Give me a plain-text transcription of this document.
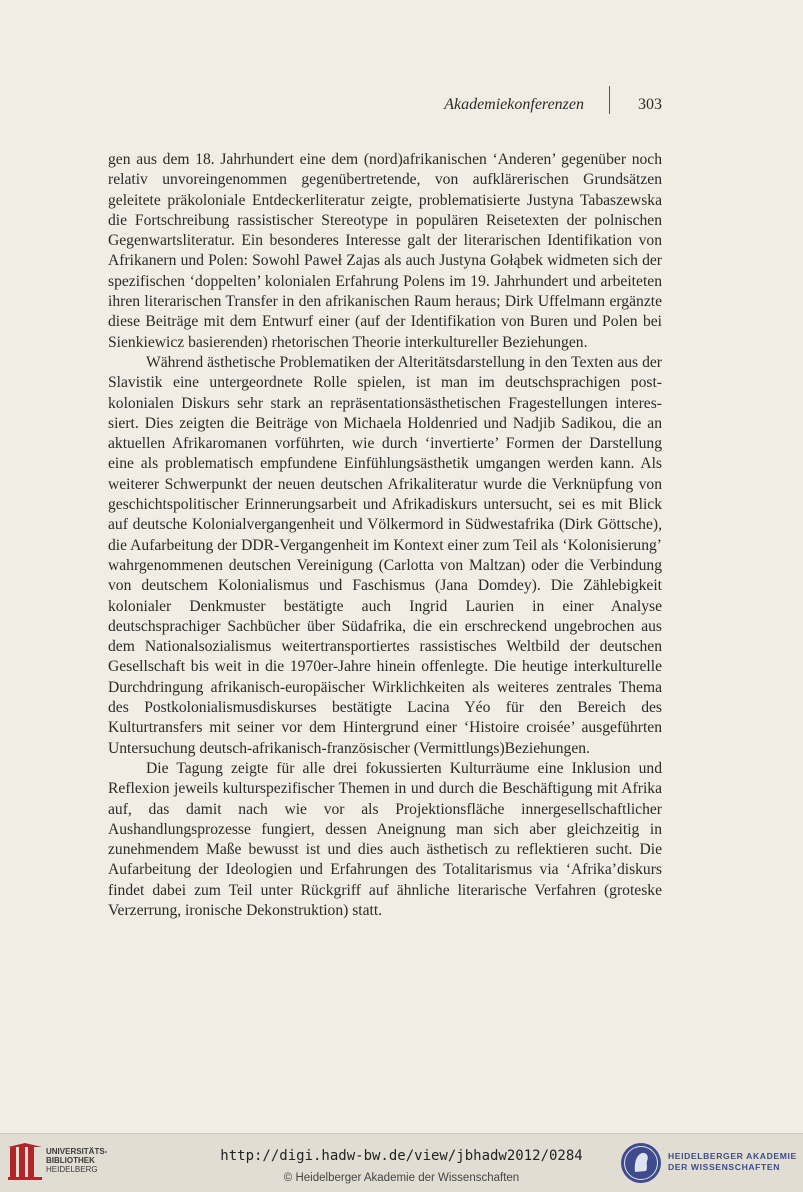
Akademiekonferenzen	303

gen aus dem 18. Jahrhundert eine dem (nord)afrikanischen ‘Anderen’ gegenüber noch relativ unvoreingenommen gegenübertretende, von aufklärerischen Grundsätzen geleitete präkoloniale Entdeckerliteratur zeigte, problematisierte Justyna Tabaszewska die Fortschreibung rassistischer Stereotype in populären Reisetexten der polnischen Gegenwartsliteratur. Ein besonderes Interesse galt der literarischen Identifikation von Afrikanern und Polen: Sowohl Paweł Zajas als auch Justyna Gołąbek widmeten sich der spezifischen ‘doppelten’ kolonialen Erfahrung Polens im 19. Jahrhundert und arbeiteten ihren literarischen Transfer in den afrikanischen Raum heraus; Dirk Uffelmann ergänzte diese Beiträge mit dem Entwurf einer (auf der Identifikation von Buren und Polen bei Sienkiewicz basierenden) rhetorischen Theorie interkultureller Beziehungen.

Während ästhetische Problematiken der Alteritätsdarstellung in den Texten aus der Slavistik eine untergeordnete Rolle spielen, ist man im deutschsprachigen postkolonialen Diskurs sehr stark an repräsentationsästhetischen Fragestellungen interessiert. Dies zeigten die Beiträge von Michaela Holdenried und Nadjib Sadikou, die an aktuellen Afrikaromanen vorführten, wie durch ‘invertierte’ Formen der Darstellung eine als problematisch empfundene Einfühlungsästhetik umgangen werden kann. Als weiterer Schwerpunkt der neuen deutschen Afrikaliteratur wurde die Verknüpfung von geschichtspolitischer Erinnerungsarbeit und Afrikadiskurs untersucht, sei es mit Blick auf deutsche Kolonialvergangenheit und Völkermord in Südwestafrika (Dirk Göttsche), die Aufarbeitung der DDR-Vergangenheit im Kontext einer zum Teil als ‘Kolonisierung’ wahrgenommenen deutschen Vereinigung (Carlotta von Maltzan) oder die Verbindung von deutschem Kolonialismus und Faschismus (Jana Domdey). Die Zählebigkeit kolonialer Denkmuster bestätigte auch Ingrid Laurien in einer Analyse deutschsprachiger Sachbücher über Südafrika, die ein erschreckend ungebrochen aus dem Nationalsozialismus weitertransportiertes rassistisches Weltbild der deutschen Gesellschaft bis weit in die 1970er-Jahre hinein offenlegte. Die heutige interkulturelle Durchdringung afrikanisch-europäischer Wirklichkeiten als weiteres zentrales Thema des Postkolonialismusdiskurses bestätigte Lacina Yéo für den Bereich des Kulturtransfers mit seiner vor dem Hintergrund einer ‘Histoire croisée’ ausgeführten Untersuchung deutsch-afrikanisch-französischer (Vermittlungs)Beziehungen.

Die Tagung zeigte für alle drei fokussierten Kulturräume eine Inklusion und Reflexion jeweils kulturspezifischer Themen in und durch die Beschäftigung mit Afrika auf, das damit nach wie vor als Projektionsfläche innergesellschaftlicher Aushandlungsprozesse fungiert, dessen Aneignung man sich aber gleichzeitig in zunehmendem Maße bewusst ist und dies auch ästhetisch zu reflektieren sucht. Die Aufarbeitung der Ideologien und Erfahrungen des Totalitarismus via ‘Afrika’diskurs findet dabei zum Teil unter Rückgriff auf ähnliche literarische Verfahren (groteske Verzerrung, ironische Dekonstruktion) statt.

UNIVERSITÄTS-
BIBLIOTHEK
HEIDELBERG
http://digi.hadw-bw.de/view/jbhadw2012/0284
© Heidelberger Akademie der Wissenschaften
HEIDELBERGER AKADEMIE
DER WISSENSCHAFTEN
